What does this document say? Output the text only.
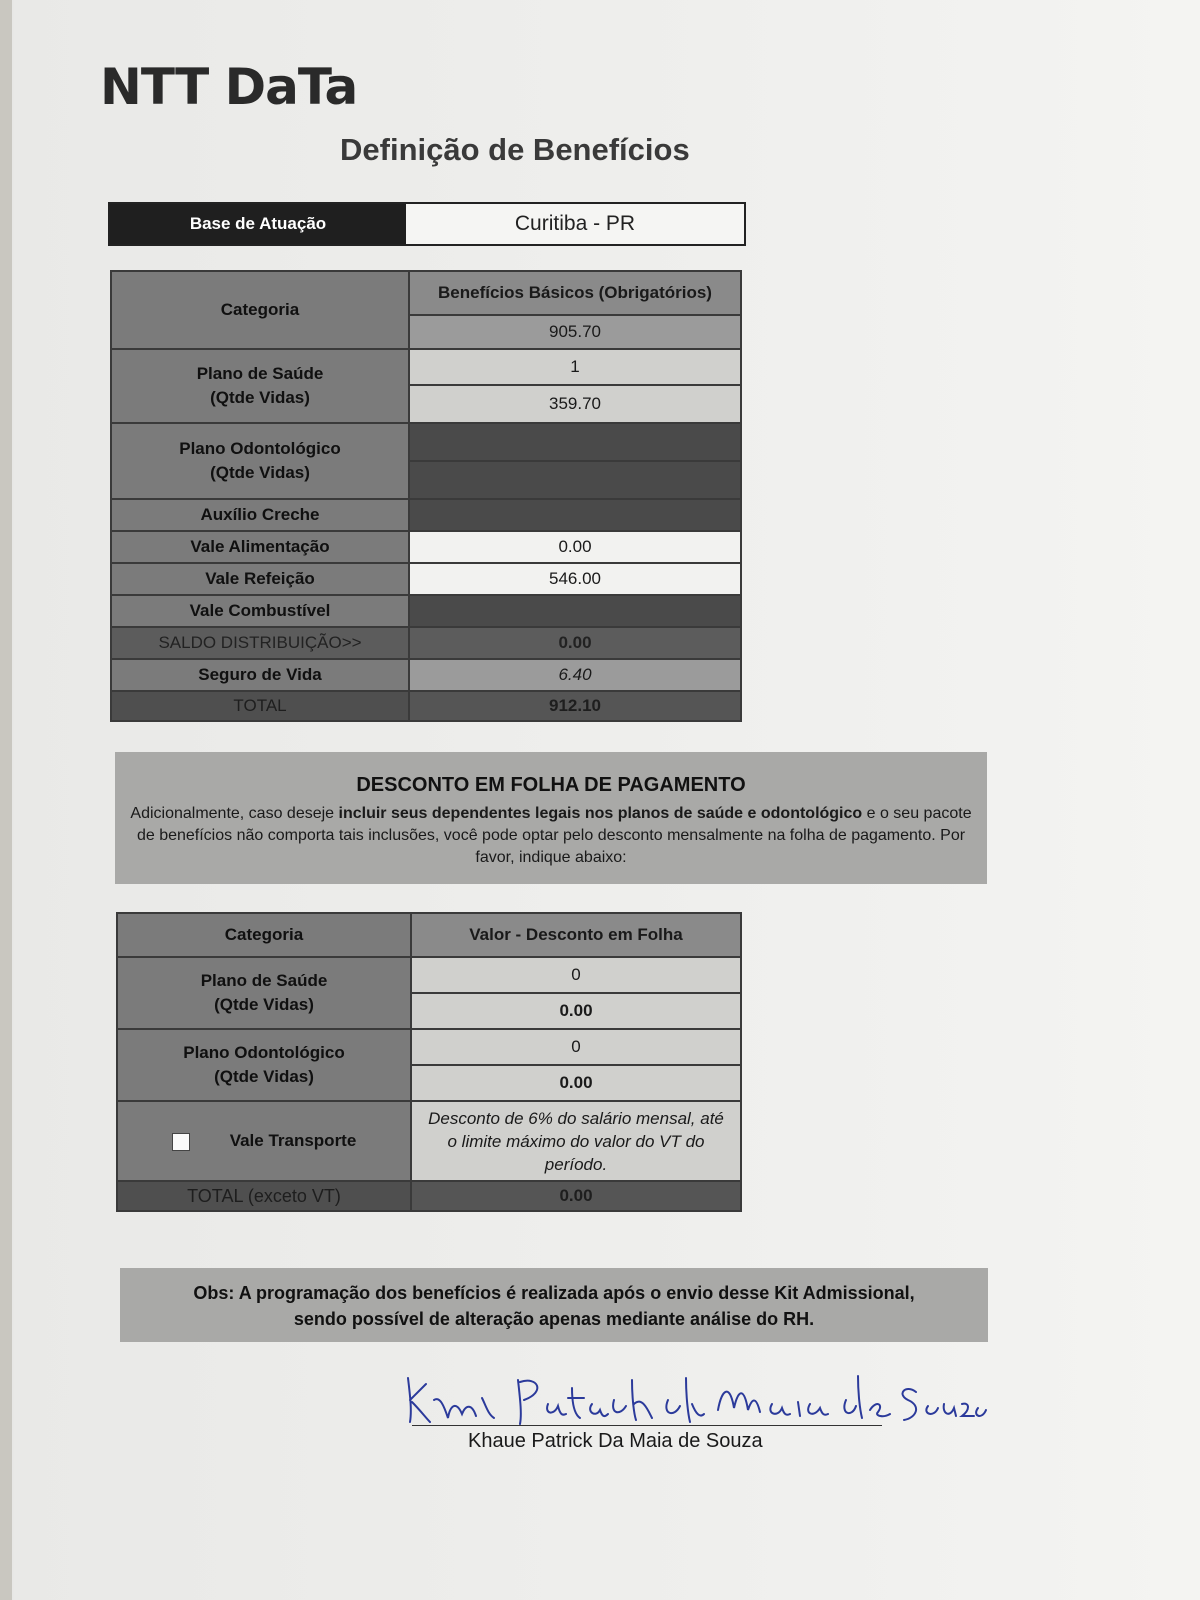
NTT DaTa
Definição de Benefícios
Base de Atuação	Curitiba - PR
Categoria	Benefícios Básicos (Obrigatórios)
	905.70

Plano de Saúde
(Qtde Vidas)	1
	359.70

Plano Odontológico
(Qtde Vidas)	

Auxílio Creche	
Vale Alimentação	0.00
Vale Refeição	546.00
Vale Combustível	
SALDO DISTRIBUIÇÃO>>	0.00
Seguro de Vida	6.40
TOTAL	912.10
DESCONTO EM FOLHA DE PAGAMENTO
Adicionalmente, caso deseje incluir seus dependentes legais nos planos de saúde e odontológico e o seu pacote de benefícios não comporta tais inclusões, você pode optar pelo desconto mensalmente na folha de pagamento. Por favor, indique abaixo:
Categoria	Valor - Desconto em Folha

Plano de Saúde
(Qtde Vidas)	0
	0.00

Plano Odontológico
(Qtde Vidas)	0
	0.00
Vale Transporte	Desconto de 6% do salário mensal, até
o limite máximo do valor do VT do
período.

TOTAL (exceto VT)	0.00
Obs: A programação dos benefícios é realizada após o envio desse Kit Admissional,
sendo possível de alteração apenas mediante análise do RH.
Khaue Patrick Da Maia de Souza
